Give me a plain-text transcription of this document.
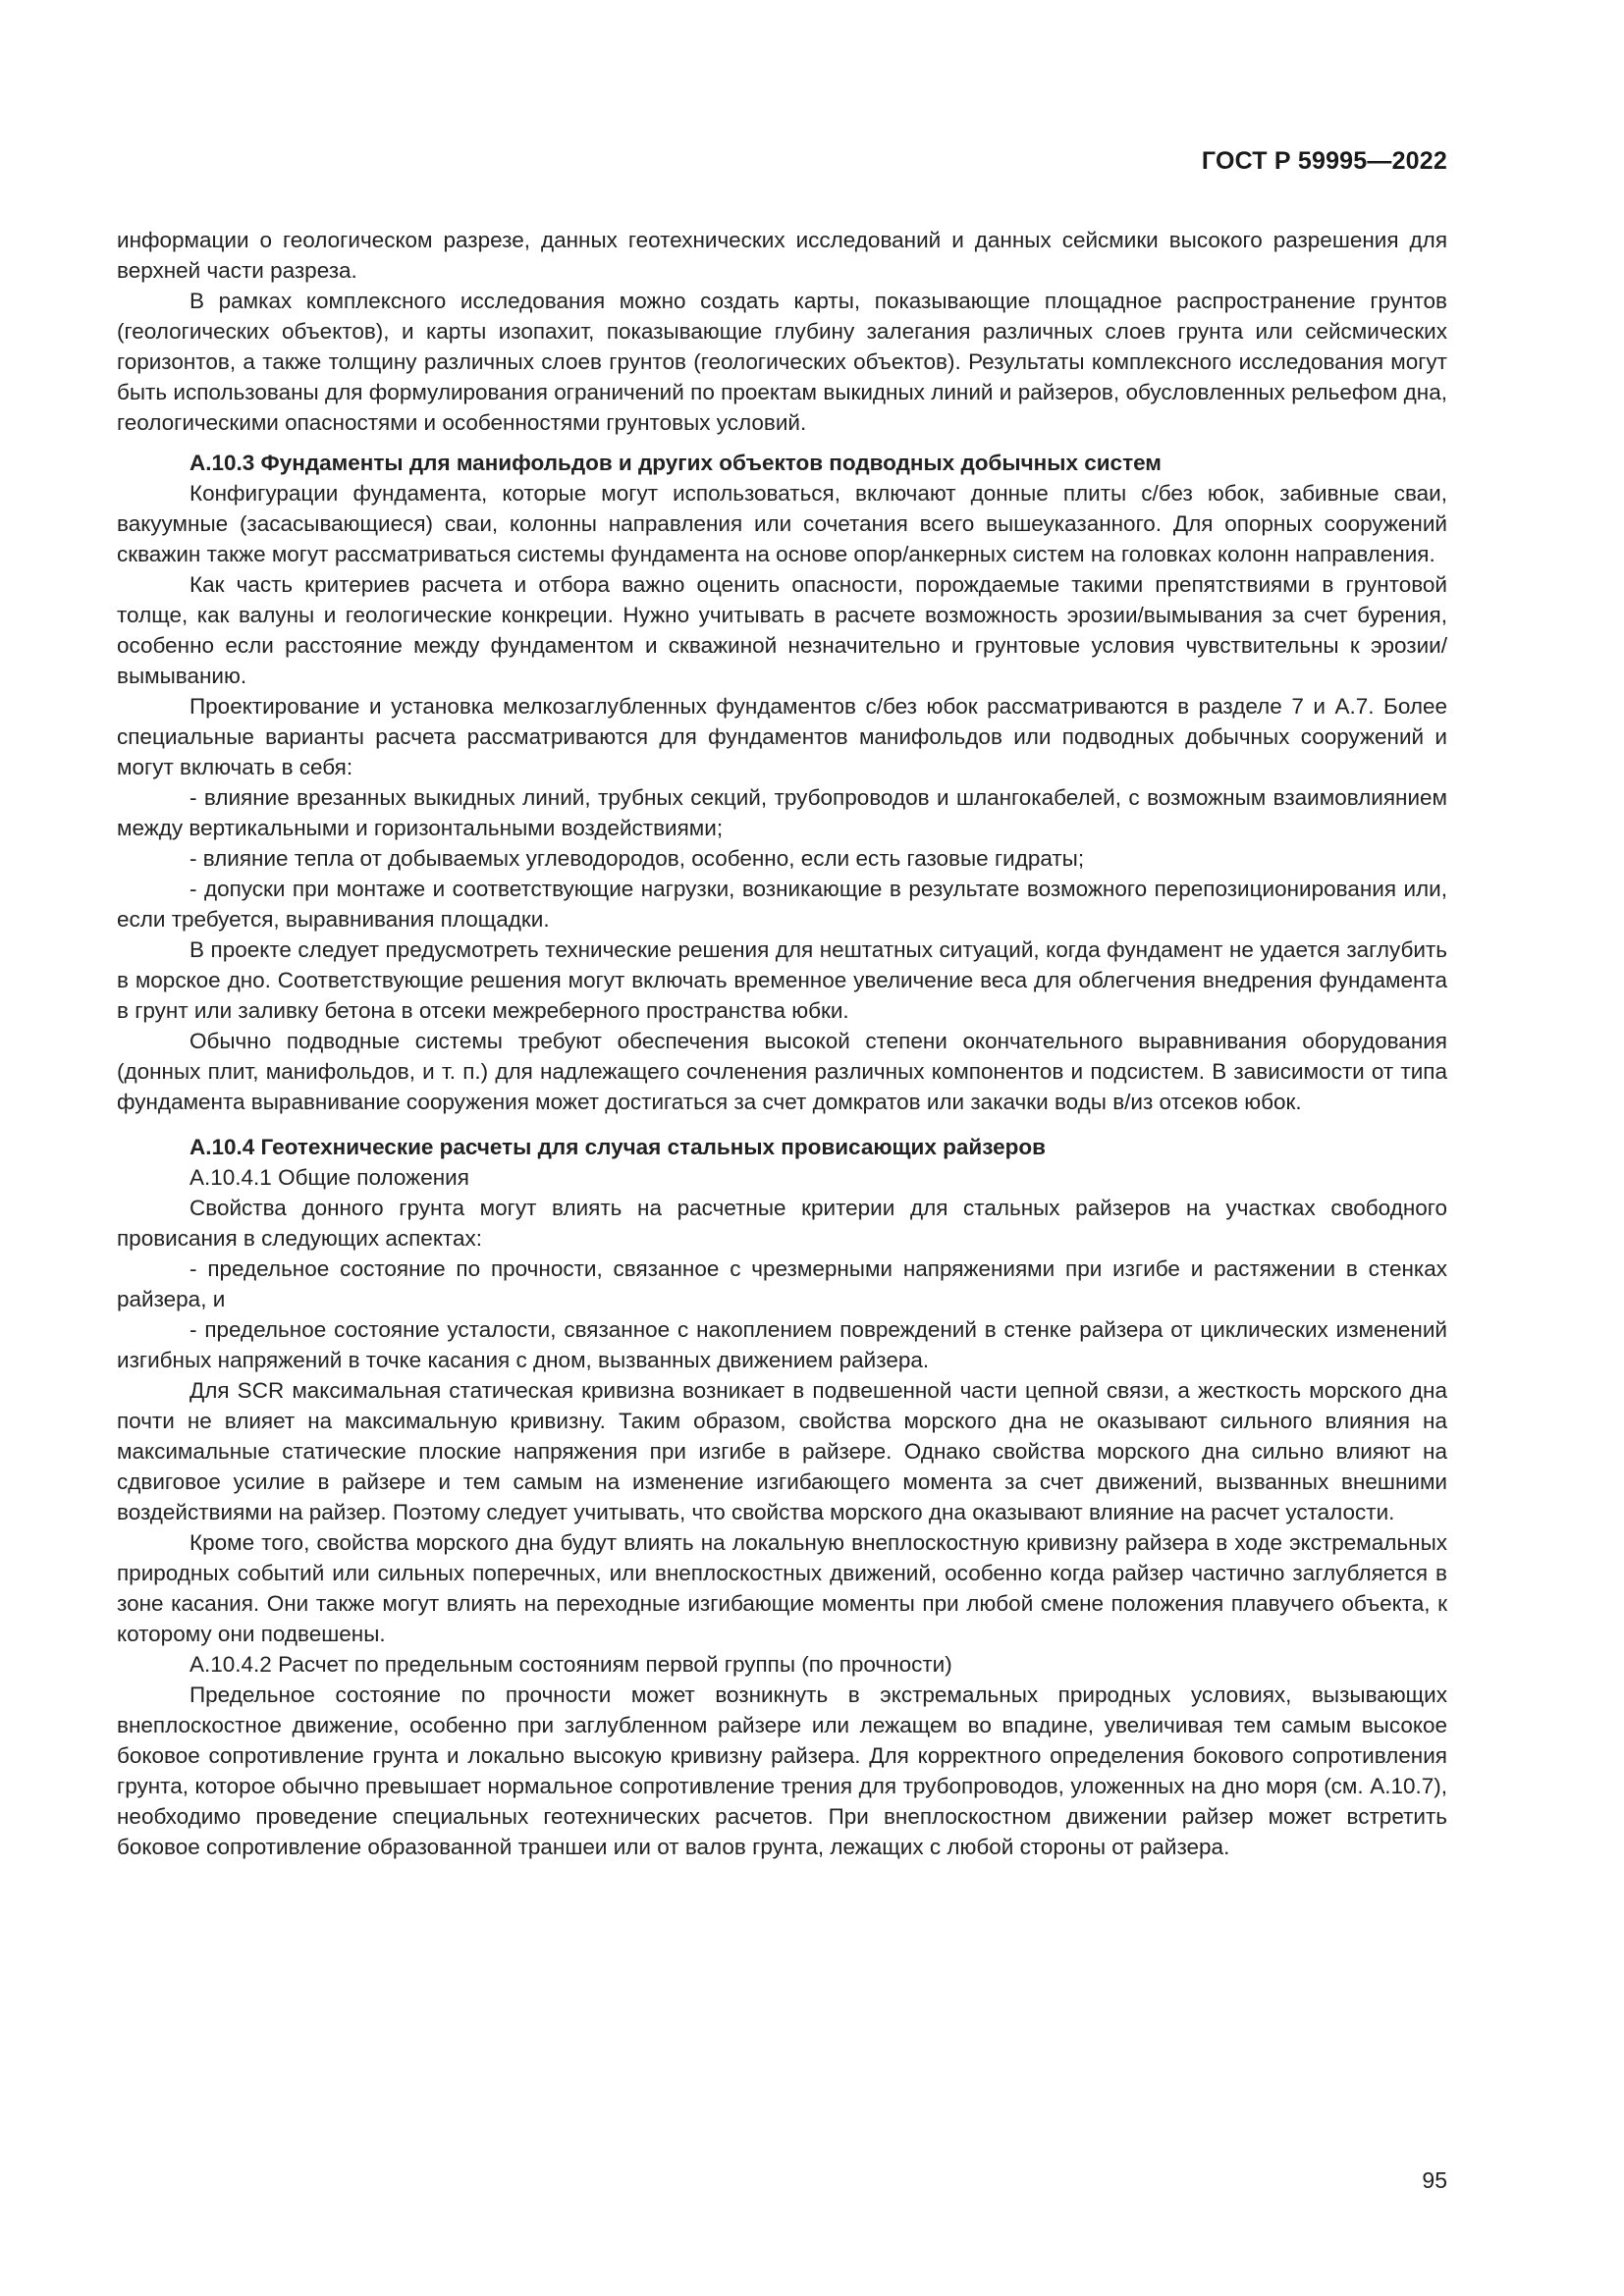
ГОСТ Р 59995—2022

информации о геологическом разрезе, данных геотехнических исследований и данных сейсмики высокого разрешения для верхней части разреза.

В рамках комплексного исследования можно создать карты, показывающие площадное распространение грунтов (геологических объектов), и карты изопахит, показывающие глубину залегания различных слоев грунта или сейсмических горизонтов, а также толщину различных слоев грунтов (геологических объектов). Результаты комплексного исследования могут быть использованы для формулирования ограничений по проектам выкидных линий и райзеров, обусловленных рельефом дна, геологическими опасностями и особенностями грунтовых условий.

А.10.3 Фундаменты для манифольдов и других объектов подводных добычных систем

Конфигурации фундамента, которые могут использоваться, включают донные плиты с/без юбок, забивные сваи, вакуумные (засасывающиеся) сваи, колонны направления или сочетания всего вышеуказанного. Для опорных сооружений скважин также могут рассматриваться системы фундамента на основе опор/анкерных систем на головках колонн направления.

Как часть критериев расчета и отбора важно оценить опасности, порождаемые такими препятствиями в грунтовой толще, как валуны и геологические конкреции. Нужно учитывать в расчете возможность эрозии/вымывания за счет бурения, особенно если расстояние между фундаментом и скважиной незначительно и грунтовые условия чувствительны к эрозии/вымыванию.

Проектирование и установка мелкозаглубленных фундаментов с/без юбок рассматриваются в разделе 7 и А.7. Более специальные варианты расчета рассматриваются для фундаментов манифольдов или подводных добычных сооружений и могут включать в себя:

- влияние врезанных выкидных линий, трубных секций, трубопроводов и шлангокабелей, с возможным взаимовлиянием между вертикальными и горизонтальными воздействиями;

- влияние тепла от добываемых углеводородов, особенно, если есть газовые гидраты;

- допуски при монтаже и соответствующие нагрузки, возникающие в результате возможного перепозиционирования или, если требуется, выравнивания площадки.

В проекте следует предусмотреть технические решения для нештатных ситуаций, когда фундамент не удается заглубить в морское дно. Соответствующие решения могут включать временное увеличение веса для облегчения внедрения фундамента в грунт или заливку бетона в отсеки межреберного пространства юбки.

Обычно подводные системы требуют обеспечения высокой степени окончательного выравнивания оборудования (донных плит, манифольдов, и т. п.) для надлежащего сочленения различных компонентов и подсистем. В зависимости от типа фундамента выравнивание сооружения может достигаться за счет домкратов или закачки воды в/из отсеков юбок.

А.10.4 Геотехнические расчеты для случая стальных провисающих райзеров

А.10.4.1 Общие положения

Свойства донного грунта могут влиять на расчетные критерии для стальных райзеров на участках свободного провисания в следующих аспектах:

- предельное состояние по прочности, связанное с чрезмерными напряжениями при изгибе и растяжении в стенках райзера, и

- предельное состояние усталости, связанное с накоплением повреждений в стенке райзера от циклических изменений изгибных напряжений в точке касания с дном, вызванных движением райзера.

Для SCR максимальная статическая кривизна возникает в подвешенной части цепной связи, а жесткость морского дна почти не влияет на максимальную кривизну. Таким образом, свойства морского дна не оказывают сильного влияния на максимальные статические плоские напряжения при изгибе в райзере. Однако свойства морского дна сильно влияют на сдвиговое усилие в райзере и тем самым на изменение изгибающего момента за счет движений, вызванных внешними воздействиями на райзер. Поэтому следует учитывать, что свойства морского дна оказывают влияние на расчет усталости.

Кроме того, свойства морского дна будут влиять на локальную внеплоскостную кривизну райзера в ходе экстремальных природных событий или сильных поперечных, или внеплоскостных движений, особенно когда райзер частично заглубляется в зоне касания. Они также могут влиять на переходные изгибающие моменты при любой смене положения плавучего объекта, к которому они подвешены.

А.10.4.2 Расчет по предельным состояниям первой группы (по прочности)

Предельное состояние по прочности может возникнуть в экстремальных природных условиях, вызывающих внеплоскостное движение, особенно при заглубленном райзере или лежащем во впадине, увеличивая тем самым высокое боковое сопротивление грунта и локально высокую кривизну райзера. Для корректного определения бокового сопротивления грунта, которое обычно превышает нормальное сопротивление трения для трубопроводов, уложенных на дно моря (см. А.10.7), необходимо проведение специальных геотехнических расчетов. При внеплоскостном движении райзер может встретить боковое сопротивление образованной траншеи или от валов грунта, лежащих с любой стороны от райзера.

95
